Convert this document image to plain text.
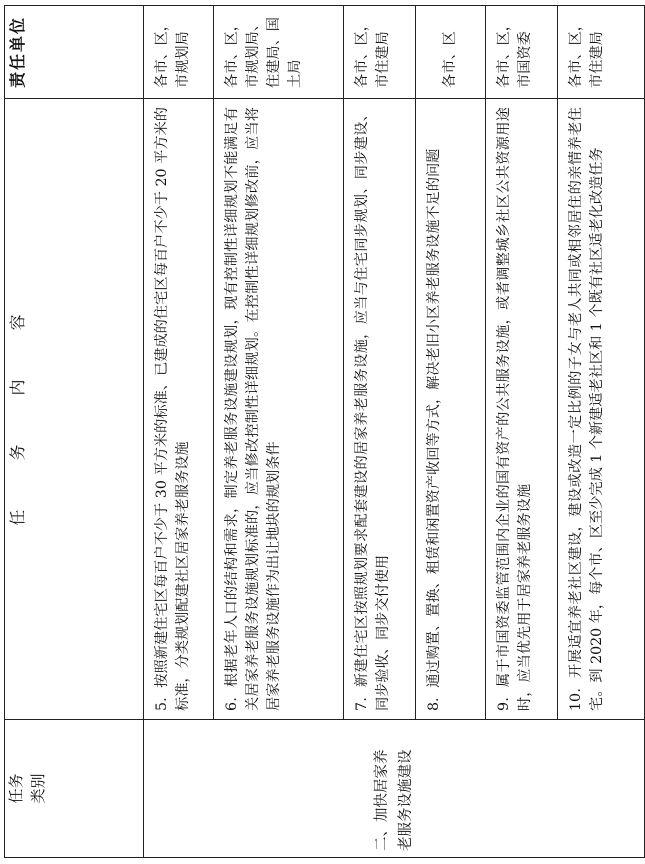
任务
类别	任 务 内 容	责任单位

二、加快居家养老服务设施建设	5．按照新建住宅区每百户不少于 30 平方米的标准、已建成的住宅区每百户不少于 20 平方米的标准，分类规划配建社区居家养老服务设施	各市、区，市规划局
	6．根据老年人口的结构和需求，制定养老服务设施建设规划，现有控制性详细规划不能满足有关居家养老服务设施规划标准的，应当修改控制性详细规划。在控制性详细规划修改前，应当将居家养老服务设施作为出让地块的规划条件	各市、区，市规划局、住建局、国土局
	7．新建住宅区按照规划要求配套建设的居家养老服务设施，应当与住宅同步规划、同步建设、同步验收、同步交付使用	各市、区，市住建局
	8．通过购置、置换、租赁和闲置资产收回等方式，解决老旧小区养老服务设施不足的问题	各市、区
	9．属于市国资委监管范围内企业的国有资产的公共服务设施，或者调整城乡社区公共资源用途时，应当优先用于居家养老服务设施	各市、区，市国资委
	10．开展适宜养老社区建设，建设或改造一定比例的子女与老人共同或相邻居住的亲情养老住宅。到 2020 年，每个市、区至少完成 1 个新建适老社区和 1 个既有社区适老化改造任务	各市、区，市住建局
